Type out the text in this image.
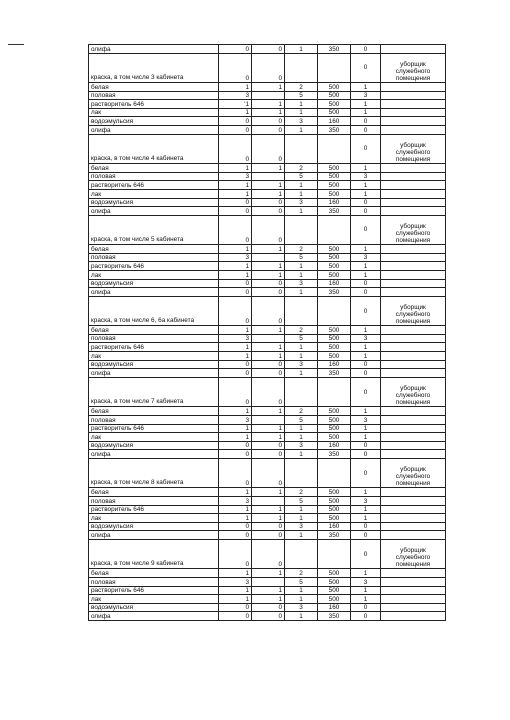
олифа	0	0	1	350	0	
краска, в том числе 3 кабинета	0	0			0	уборщик
служебного
помещения

белая	1	1	2	500	1	
половая	3		5	500	3	
растворитель 646	'1	1	1	500	1	
лак	1	1	1	500	1	
водоэмульсия	0	0	3	160	0	
олифа	0	0	1	350	0	
краска, в том числе 4 кабинета	0	0			0	уборщик
служебного
помещения

белая	1	1	2	500	1	
половая	3		5	500	3	
растворитель 646	1	1	1	500	1	
лак	1	1	1	500	1	
водоэмульсия	0	0	3	160	0	
олифа	0	0	1	350	0	
краска, в том числе 5 кабинета	0	0			0	уборщик
служебного
помещения

белая	1	1	2	500	1	
половая	3		5	500	3	
растворитель 646	1	1	1	500	1	
лак	1	1	1	500	1	
водоэмульсия	0	0	3	160	0	
олифа	0	0	1	350	0	
краска, в том числе 6, 6а кабинета	0	0			0	уборщик
служебного
помещения

белая	1	1	2	500	1	
половая	3		5	500	3	
растворитель 646	1	1	1	500	1	
лак	1	1	1	500	1	
водоэмульсия	0	0	3	160	0	
олифа	0	0	1	350	0	
краска, в том числе 7 кабинета	0	0			0	уборщик
служебного
помещения

белая	1	1	2	500	1	
половая	3		5	500	3	
растворитель 646	1	1	1	500	1	
лак	1	1	1	500	1	
водоэмульсия	0	0	3	160	0	
олифа	0	0	1	350	0	
краска, в том числе 8 кабинета	0	0			0	уборщик
служебного
помещения

белая	1	1	2	500	1	
половая	3		5	500	3	
растворитель 646	1	1	1	500	1	
лак	1	1	1	500	1	
водоэмульсия	0	0	3	160	0	
олифа	0	0	1	350	0	
краска, в том числе 9 кабинета	0	0			0	уборщик
служебного
помещения

белая	1	1	2	500	1	
половая	3		5	500	3	
растворитель 646	1	1	1	500	1	
лак	1	1	1	500	1	
водоэмульсия	0	0	3	160	0	
олифа	0	0	1	350	0	
